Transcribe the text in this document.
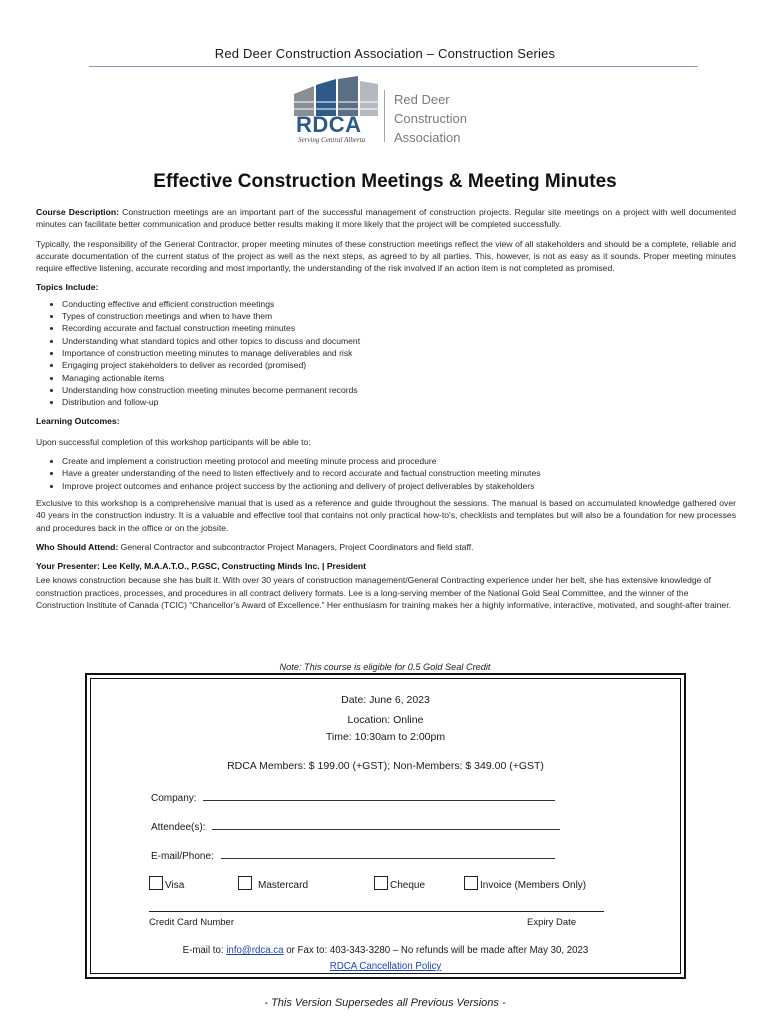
Red Deer Construction Association – Construction Series
RDCA
Serving Central Alberta
Red Deer
Construction
Association
Effective Construction Meetings & Meeting Minutes

Course Description: Construction meetings are an important part of the successful management of construction projects. Regular site meetings on a project with well documented minutes can facilitate better communication and produce better results making it more likely that the project will be completed successfully.

Typically, the responsibility of the General Contractor, proper meeting minutes of these construction meetings reflect the view of all stakeholders and should be a complete, reliable and accurate documentation of the current status of the project as well as the next steps, as agreed to by all parties. This, however, is not as easy as it sounds. Proper meeting minutes require effective listening, accurate recording and most importantly, the understanding of the risk involved if an action item is not completed as promised.

Topics Include:
• Conducting effective and efficient construction meetings
• Types of construction meetings and when to have them
• Recording accurate and factual construction meeting minutes
• Understanding what standard topics and other topics to discuss and document
• Importance of construction meeting minutes to manage deliverables and risk
• Engaging project stakeholders to deliver as recorded (promised)
• Managing actionable items
• Understanding how construction meeting minutes become permanent records
• Distribution and follow-up
Learning Outcomes:

Upon successful completion of this workshop participants will be able to:

• Create and implement a construction meeting protocol and meeting minute process and procedure
• Have a greater understanding of the need to listen effectively and to record accurate and factual construction meeting minutes
• Improve project outcomes and enhance project success by the actioning and delivery of project deliverables by stakeholders

Exclusive to this workshop is a comprehensive manual that is used as a reference and guide throughout the sessions. The manual is based on accumulated knowledge gathered over 40 years in the construction industry. It is a valuable and effective tool that contains not only practical how-to's, checklists and templates but will also be a foundation for new processes and procedures back in the office or on the jobsite.

Who Should Attend: General Contractor and subcontractor Project Managers, Project Coordinators and field staff.

Your Presenter: Lee Kelly, M.A.A.T.O., P.GSC, Constructing Minds Inc. | President

Lee knows construction because she has built it. With over 30 years of construction management/General Contracting experience under her belt, she has extensive knowledge of construction practices, processes, and procedures in all contract delivery formats. Lee is a long-serving member of the National Gold Seal Committee, and the winner of the Construction Institute of Canada (TCIC) “Chancellor’s Award of Excellence.” Her enthusiasm for training makes her a highly informative, interactive, motivated, and sought-after trainer.

Note: This course is eligible for 0.5 Gold Seal Credit
Date: June 6, 2023
Location: Online
Time: 10:30am to 2:00pm
RDCA Members: $ 199.00 (+GST); Non-Members: $ 349.00 (+GST)
Company:
Attendee(s):
E-mail/Phone:
Visa	Mastercard	Cheque	Invoice (Members Only)
Credit Card Number	Expiry Date
E-mail to: info@rdca.ca or Fax to: 403-343-3280 – No refunds will be made after May 30, 2023
RDCA Cancellation Policy
- This Version Supersedes all Previous Versions -
